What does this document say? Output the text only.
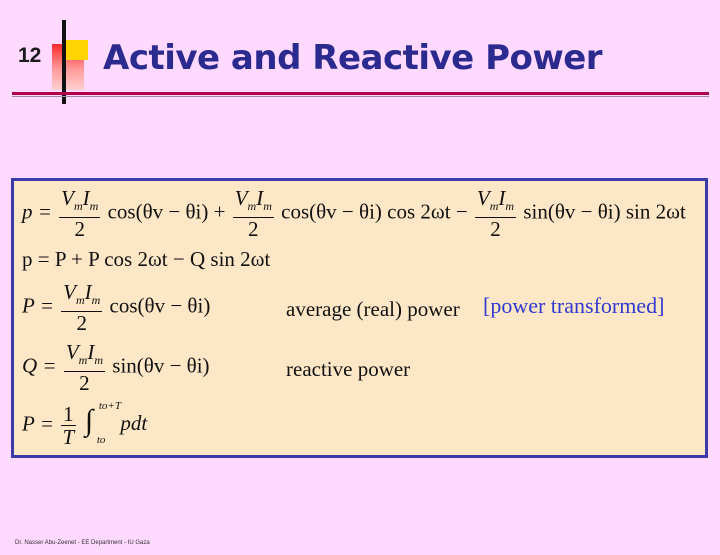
12 Active and Reactive Power
$p = \frac{V_mI_m}{2} \cos(\theta v - \theta i) + \frac{V_mI_m}{2} \cos(\theta v - \theta i)$ $\cos 2\omega t - \frac{V_mI_m}{2} \sin(\theta v - \theta i)$ sin 2ωt
p = P + P cos 2ωt − Q sin 2ωt
$P = \frac{V_mI_m}{2} \cos(\theta v - \theta i)$	average (real) power [power transformed]
$Q = \frac{V_mI_m}{2} \sin(\theta v - \theta i)$	reactive power
$P = \frac{1}{T}$ ∫ to+T
to
pdt
Dr. Nasser Abu-Zeenet - EE Department - IU Gaza
